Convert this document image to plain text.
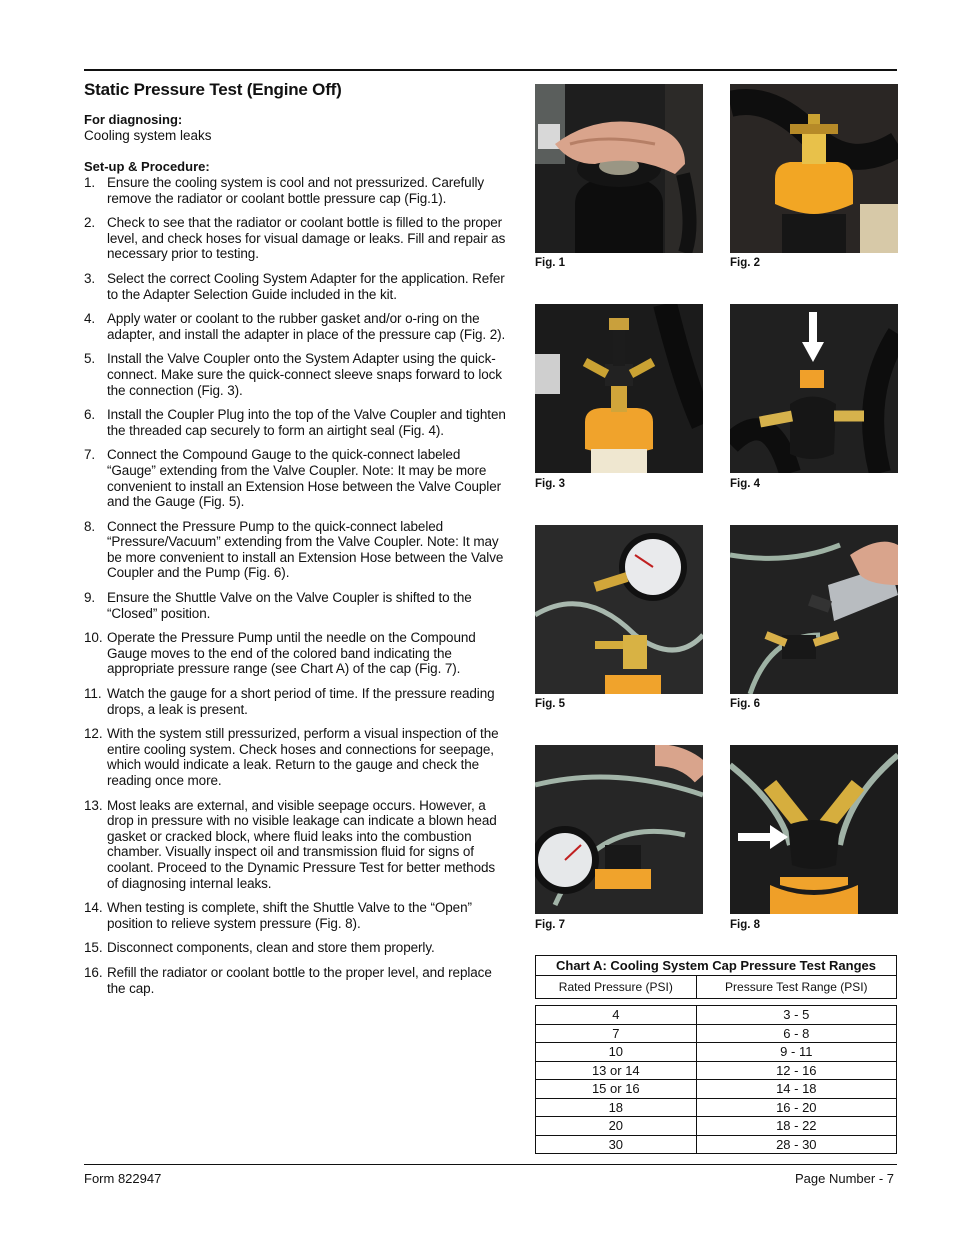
Static Pressure Test (Engine Off)

For diagnosing:

Cooling system leaks

Set-up & Procedure:

1. Ensure the cooling system is cool and not pressurized. Carefully remove the radiator or coolant bottle pressure cap (Fig.1).
2. Check to see that the radiator or coolant bottle is filled to the proper level, and check hoses for visual damage or leaks. Fill and repair as necessary prior to testing.
3. Select the correct Cooling System Adapter for the application. Refer to the Adapter Selection Guide included in the kit.
4. Apply water or coolant to the rubber gasket and/or o-ring on the adapter, and install the adapter in place of the pressure cap (Fig. 2).
5. Install the Valve Coupler onto the System Adapter using the quick-connect. Make sure the quick-connect sleeve snaps forward to lock the connection (Fig. 3).
6. Install the Coupler Plug into the top of the Valve Coupler and tighten the threaded cap securely to form an airtight seal (Fig. 4).
7. Connect the Compound Gauge to the quick-connect labeled “Gauge” extending from the Valve Coupler. Note: It may be more convenient to install an Extension Hose between the Valve Coupler and the Gauge (Fig. 5).
8. Connect the Pressure Pump to the quick-connect labeled “Pressure/Vacuum” extending from the Valve Coupler. Note: It may be more convenient to install an Extension Hose between the Valve Coupler and the Pump (Fig. 6).
9. Ensure the Shuttle Valve on the Valve Coupler is shifted to the “Closed” position.
10. Operate the Pressure Pump until the needle on the Compound Gauge moves to the end of the colored band indicating the appropriate pressure range (see Chart A) of the cap (Fig. 7).
11. Watch the gauge for a short period of time. If the pressure reading drops, a leak is present.
12. With the system still pressurized, perform a visual inspection of the entire cooling system. Check hoses and connections for seepage, which would indicate a leak. Return to the gauge and check the reading once more.
13. Most leaks are external, and visible seepage occurs. However, a drop in pressure with no visible leakage can indicate a blown head gasket or cracked block, where fluid leaks into the combustion chamber. Visually inspect oil and transmission fluid for signs of coolant. Proceed to the Dynamic Pressure Test for better methods of diagnosing internal leaks.
14. When testing is complete, shift the Shuttle Valve to the “Open” position to relieve system pressure (Fig. 8).
15. Disconnect components, clean and store them properly.
16. Refill the radiator or coolant bottle to the proper level, and replace the cap.
Fig. 1	Fig. 2
Fig. 3	Fig. 4
Fig. 5	Fig. 6
Fig. 7	Fig. 8
Chart A: Cooling System Cap Pressure Test Ranges	
Rated Pressure (PSI)	Pressure Test Range (PSI)

4	3 - 5
7	6 - 8
10	9 - 11
13 or 14	12 - 16
15 or 16	14 - 18
18	16 - 20
20	18 - 22
30	28 - 30
Form 822947	Page Number - 7
